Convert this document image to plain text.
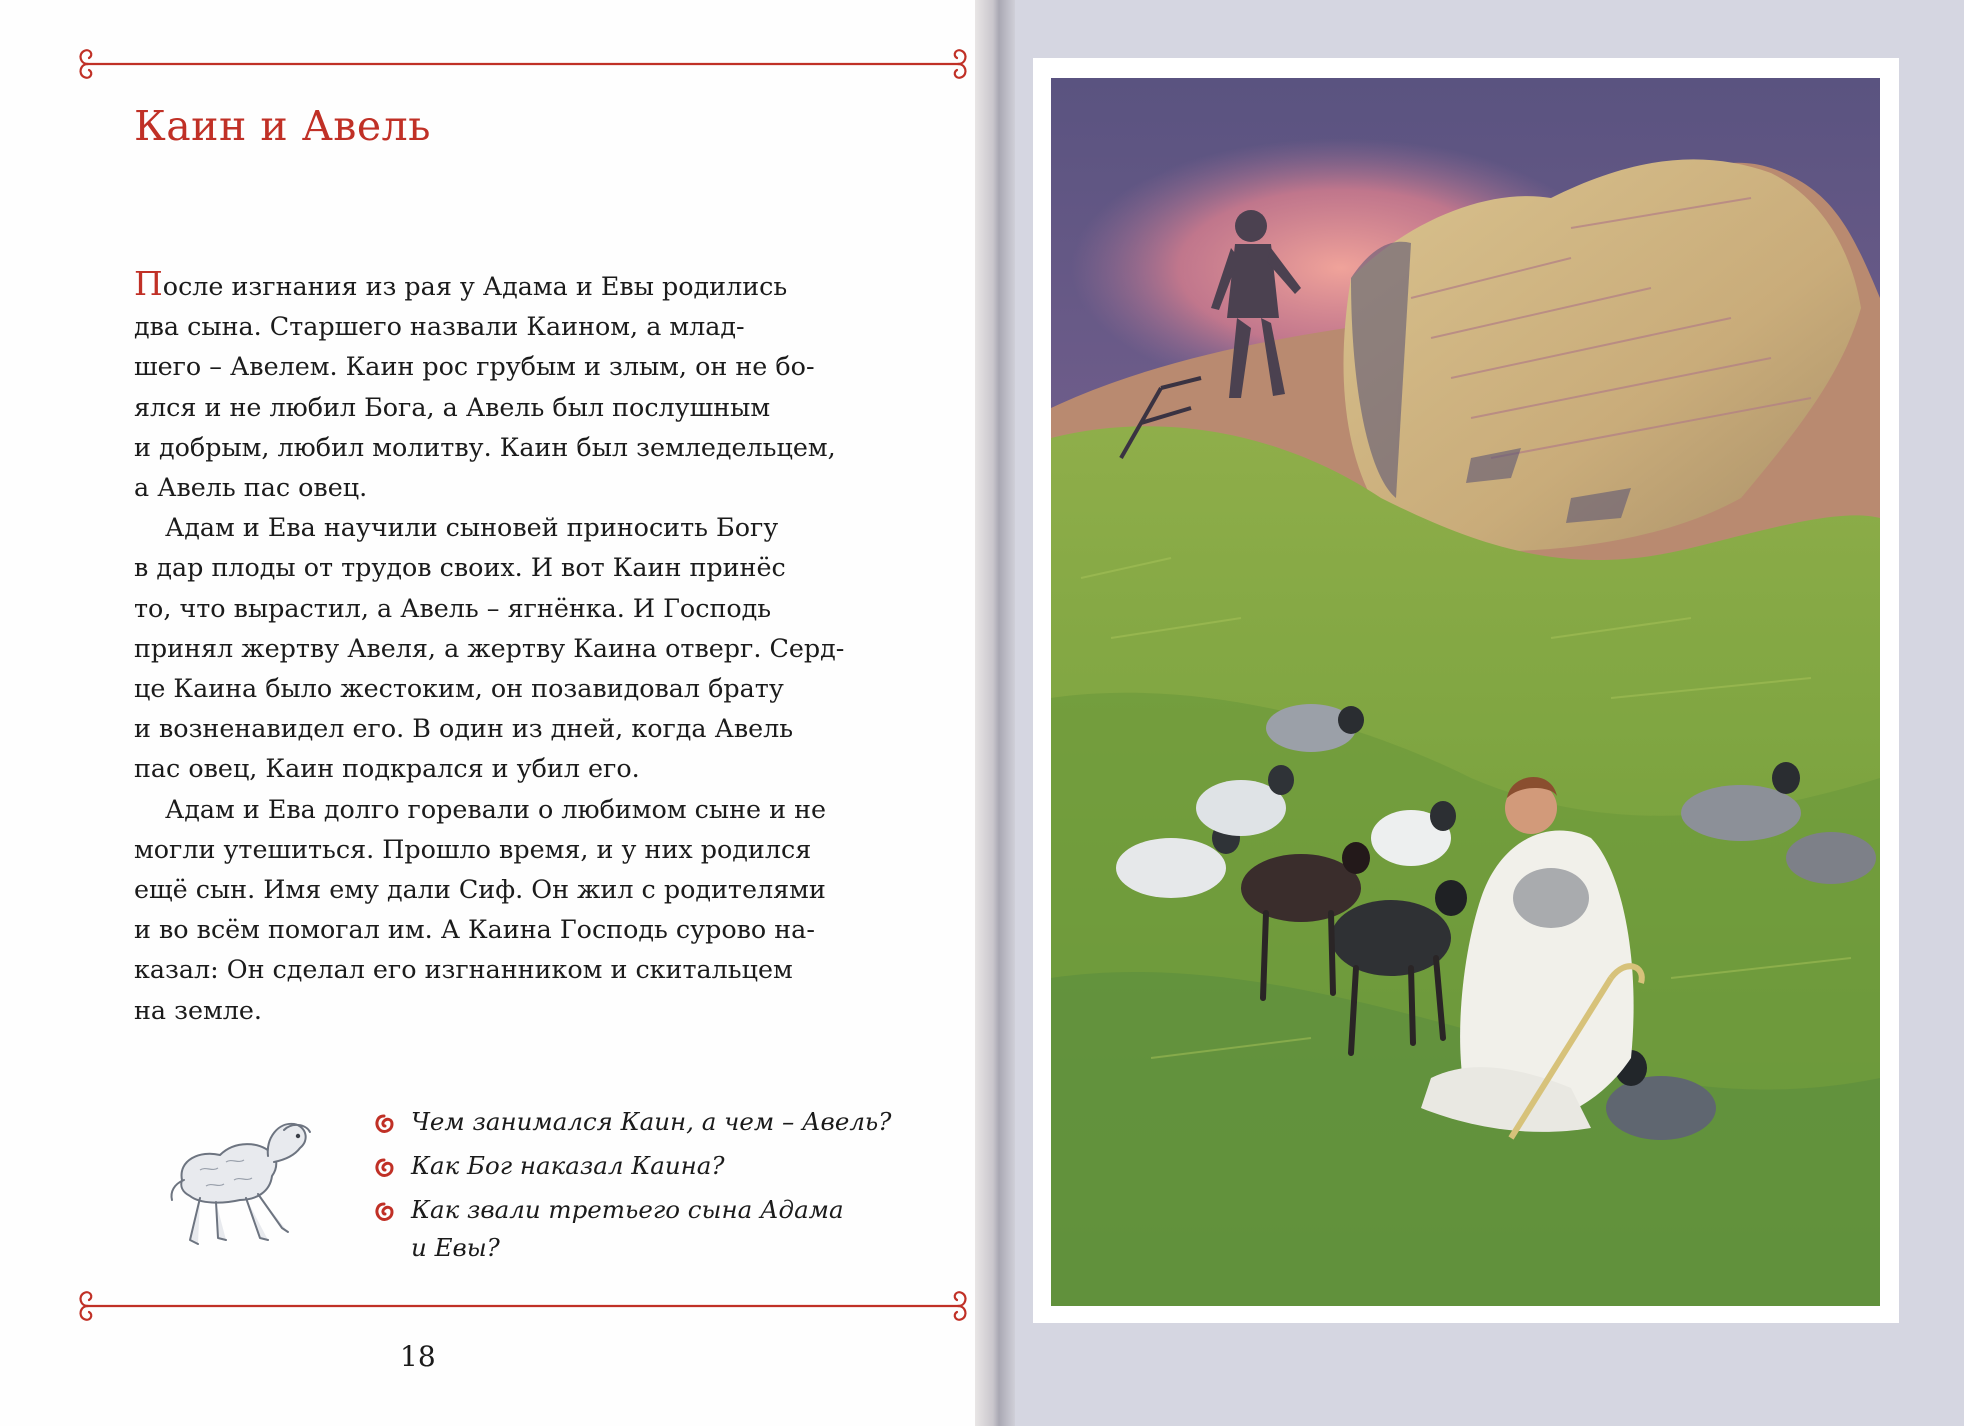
Каин и Авель

После изгнания из рая у Адама и Евы родились
два сына. Старшего назвали Каином, а млад-
шего – Авелем. Каин рос грубым и злым, он не бо-
ялся и не любил Бога, а Авель был послушным
и добрым, любил молитву. Каин был земледельцем,
а Авель пас овец.

Адам и Ева научили сыновей приносить Богу
в дар плоды от трудов своих. И вот Каин принёс
то, что вырастил, а Авель – ягнёнка. И Господь
принял жертву Авеля, а жертву Каина отверг. Серд-
це Каина было жестоким, он позавидовал брату
и возненавидел его. В один из дней, когда Авель
пас овец, Каин подкрался и убил его.

Адам и Ева долго горевали о любимом сыне и не
могли утешиться. Прошло время, и у них родился
ещё сын. Имя ему дали Сиф. Он жил с родителями
и во всём помогал им. А Каина Господь сурово на-
казал: Он сделал его изгнанником и скитальцем
на земле.

Чем занимался Каин, а чем – Авель?
Как Бог наказал Каина?
Как звали третьего сына Адама
и Евы?
18
